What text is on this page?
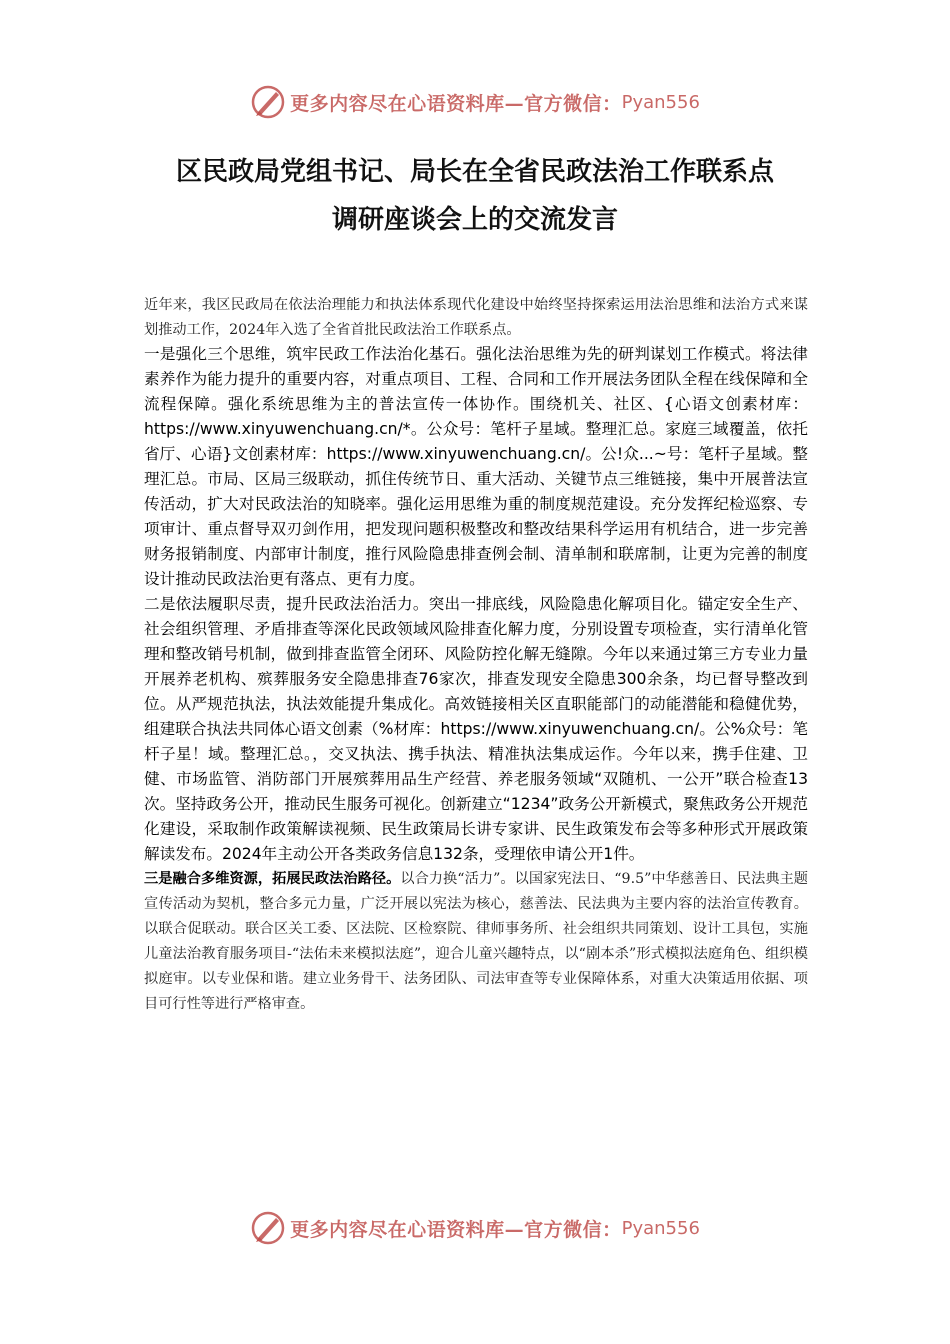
更多内容尽在心语资料库—官方微信： Pyan556
区民政局党组书记、局长在全省民政法治工作联系点
调研座谈会上的交流发言

近年来，我区民政局在依法治理能力和执法体系现代化建设中始终坚持探索运用法治思维和法治方式来谋划推动工作，2024年入选了全省首批民政法治工作联系点。

一是强化三个思维，筑牢民政工作法治化基石。强化法治思维为先的研判谋划工作模式。将法律素养作为能力提升的重要内容，对重点项目、工程、合同和工作开展法务团队全程在线保障和全流程保障。强化系统思维为主的普法宣传一体协作。围绕机关、社区、{心语文创素材库：https://www.xinyuwenchuang.cn/*。公众号：笔杆子星域。整理汇总。家庭三域覆盖，依托省厅、心语}文创素材库：https://www.xinyuwenchuang.cn/。公!众...~号：笔杆子星域。整理汇总。市局、区局三级联动，抓住传统节日、重大活动、关键节点三维链接，集中开展普法宣传活动，扩大对民政法治的知晓率。强化运用思维为重的制度规范建设。充分发挥纪检巡察、专项审计、重点督导双刃剑作用，把发现问题积极整改和整改结果科学运用有机结合，进一步完善财务报销制度、内部审计制度，推行风险隐患排查例会制、清单制和联席制，让更为完善的制度设计推动民政法治更有落点、更有力度。

二是依法履职尽责，提升民政法治活力。突出一排底线，风险隐患化解项目化。锚定安全生产、社会组织管理、矛盾排查等深化民政领域风险排查化解力度，分别设置专项检查，实行清单化管理和整改销号机制，做到排查监管全闭环、风险防控化解无缝隙。今年以来通过第三方专业力量开展养老机构、殡葬服务安全隐患排查76家次，排查发现安全隐患300余条，均已督导整改到位。从严规范执法，执法效能提升集成化。高效链接相关区直职能部门的动能潜能和稳健优势，组建联合执法共同体心语文创素（%材库：https://www.xinyuwenchuang.cn/。公%众号：笔杆子星！域。整理汇总。，交叉执法、携手执法、精准执法集成运作。今年以来，携手住建、卫健、市场监管、消防部门开展殡葬用品生产经营、养老服务领域“双随机、一公开”联合检查13次。坚持政务公开，推动民生服务可视化。创新建立“1234”政务公开新模式，聚焦政务公开规范化建设，采取制作政策解读视频、民生政策局长讲专家讲、民生政策发布会等多种形式开展政策解读发布。2024年主动公开各类政务信息132条，受理依申请公开1件。

三是融合多维资源，拓展民政法治路径。以合力换“活力”。以国家宪法日、“9.5”中华慈善日、民法典主题宣传活动为契机，整合多元力量，广泛开展以宪法为核心，慈善法、民法典为主要内容的法治宣传教育。以联合促联动。联合区关工委、区法院、区检察院、律师事务所、社会组织共同策划、设计工具包，实施儿童法治教育服务项目-“法佑未来模拟法庭”，迎合儿童兴趣特点，以“剧本杀”形式模拟法庭角色、组织模拟庭审。以专业保和谐。建立业务骨干、法务团队、司法审查等专业保障体系，对重大决策适用依据、项目可行性等进行严格审查。

更多内容尽在心语资料库—官方微信： Pyan556
